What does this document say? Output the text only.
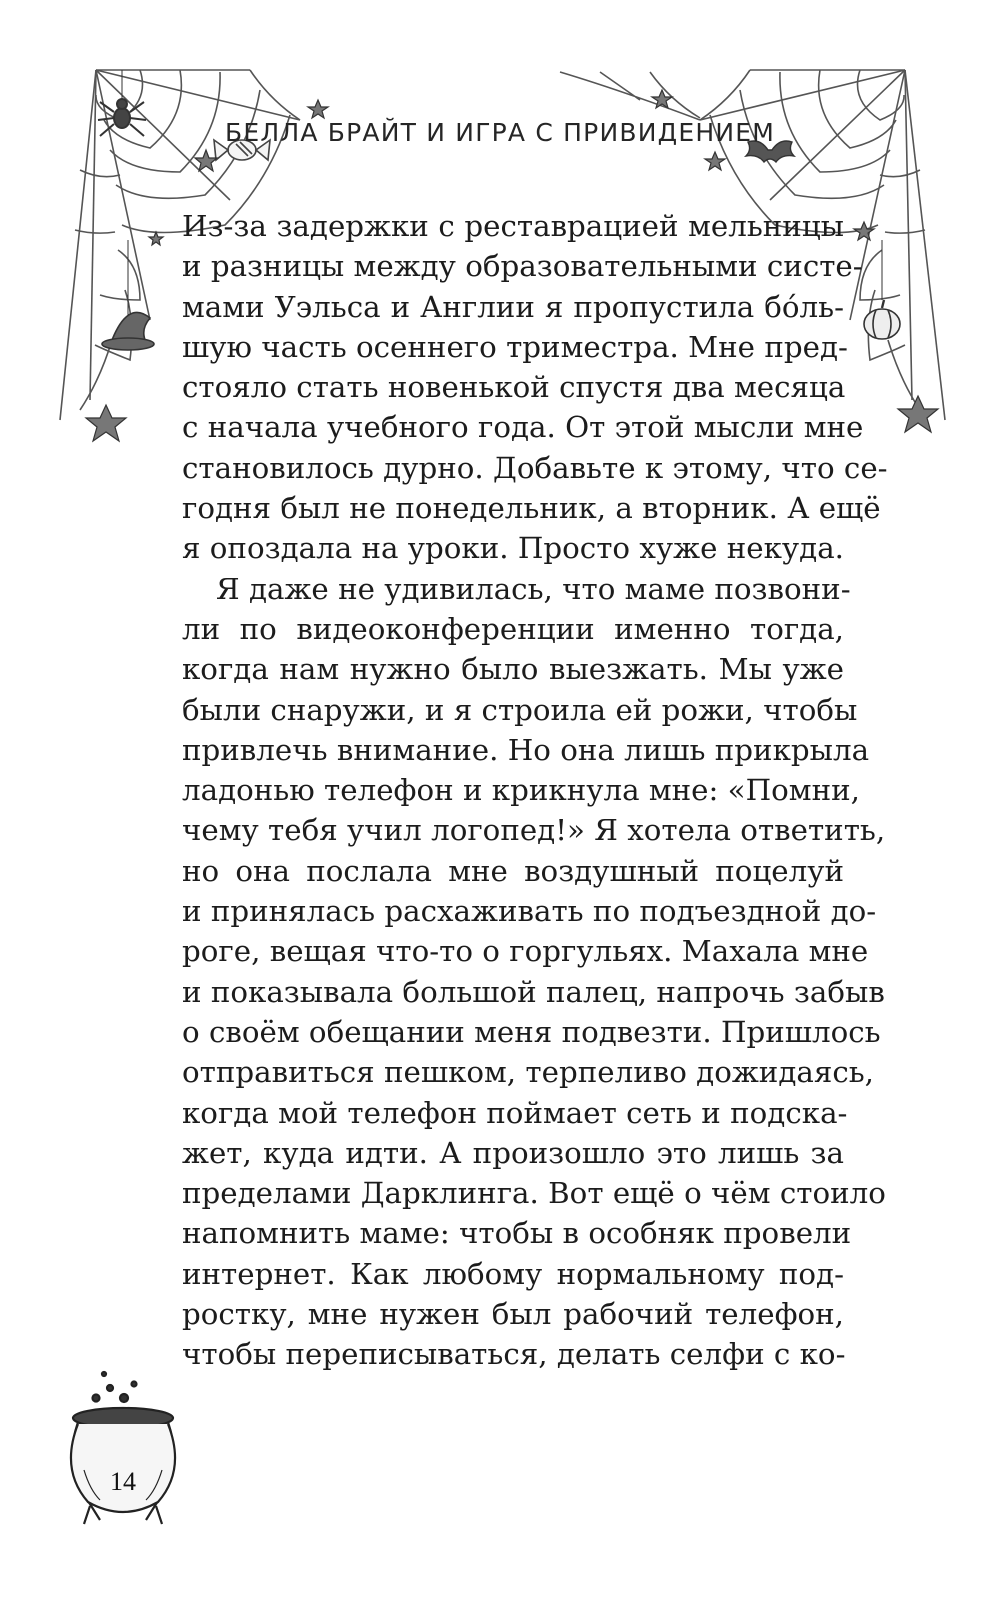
БЕЛЛА БРАЙТ И ИГРА С ПРИВИДЕНИЕМ
Из-за задержки с реставрацией мельницы
и разницы между образовательными систе-
мами Уэльса и Англии я пропустила бóль-
шую часть осеннего триместра. Мне пред-
стояло стать новенькой спустя два месяца
с начала учебного года. От этой мысли мне
становилось дурно. Добавьте к этому, что се-
годня был не понедельник, а вторник. А ещё
я опоздала на уроки. Просто хуже некуда.
Я даже не удивилась, что маме позвони-
ли по видеоконференции именно тогда,
когда нам нужно было выезжать. Мы уже
были снаружи, и я строила ей рожи, чтобы
привлечь внимание. Но она лишь прикрыла
ладонью телефон и крикнула мне: «Помни,
чему тебя учил логопед!» Я хотела ответить,
но она послала мне воздушный поцелуй
и принялась расхаживать по подъездной до-
роге, вещая что-то о горгульях. Махала мне
и показывала большой палец, напрочь забыв
о своём обещании меня подвезти. Пришлось
отправиться пешком, терпеливо дожидаясь,
когда мой телефон поймает сеть и подска-
жет, куда идти. А произошло это лишь за
пределами Дарклинга. Вот ещё о чём стоило
напомнить маме: чтобы в особняк провели
интернет. Как любому нормальному под-
ростку, мне нужен был рабочий телефон,
чтобы переписываться, делать селфи с ко-
14
